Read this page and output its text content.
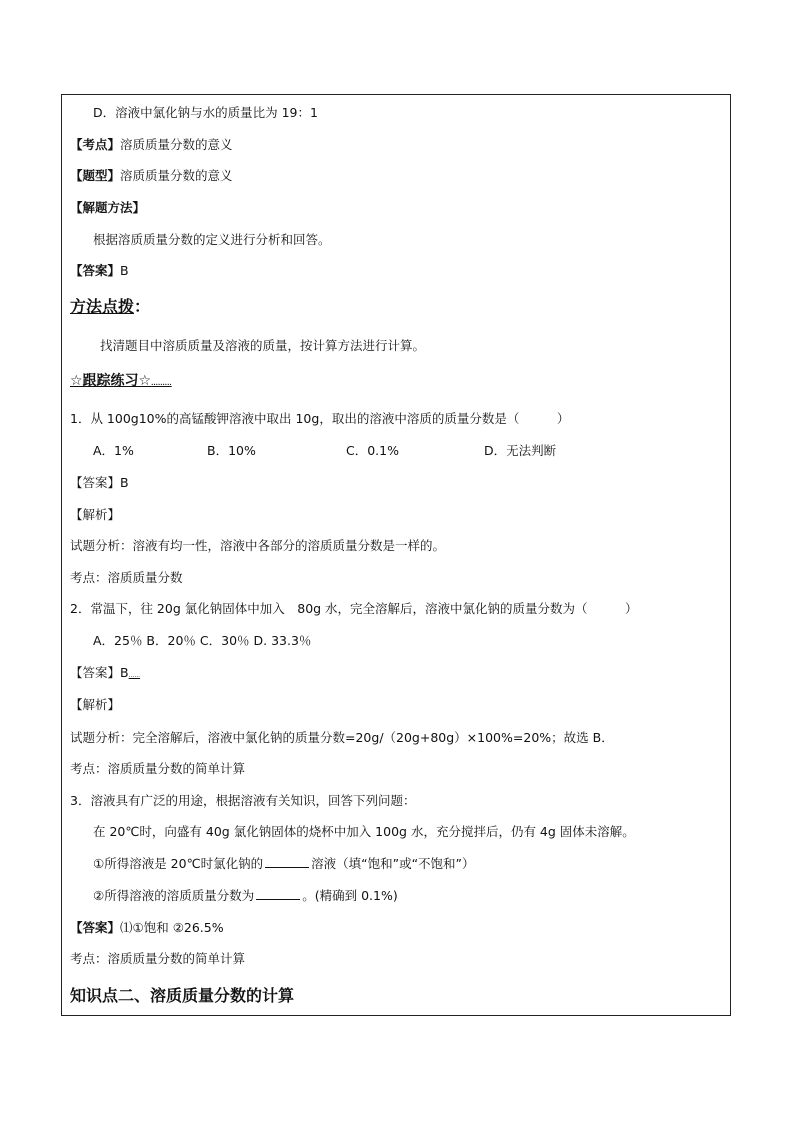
D．溶液中氯化钠与水的质量比为 19：1
【考点】溶质质量分数的意义
【题型】溶质质量分数的意义
【解题方法】
根据溶质质量分数的定义进行分析和回答。
【答案】B
方法点拨：
找清题目中溶质质量及溶液的质量，按计算方法进行计算。
☆跟踪练习☆.........
1．从 100g10%的高锰酸钾溶液中取出 10g，取出的溶液中溶质的质量分数是（　　　）
A．1%	B．10%	C．0.1%	D．无法判断
【答案】B
【解析】
试题分析：溶液有均一性，溶液中各部分的溶质质量分数是一样的。
考点：溶质质量分数
2．常温下，往 20g 氯化钠固体中加入　80g 水，完全溶解后，溶液中氯化钠的质量分数为（　　　）
A．25％ B．20％ C．30％ D. 33.3％
【答案】B......
【解析】
试题分析：完全溶解后，溶液中氯化钠的质量分数=20g/（20g+80g）×100%=20%；故选 B．
考点：溶质质量分数的简单计算
3．溶液具有广泛的用途，根据溶液有关知识，回答下列问题：
在 20℃时，向盛有 40g 氯化钠固体的烧杯中加入 100g 水，充分搅拌后，仍有 4g 固体未溶解。
①所得溶液是 20℃时氯化钠的	溶液（填“饱和”或“不饱和”）
②所得溶液的溶质质量分数为	。(精确到 0.1%)
【答案】⑴①饱和 ②26.5%
考点：溶质质量分数的简单计算
知识点二、溶质质量分数的计算
